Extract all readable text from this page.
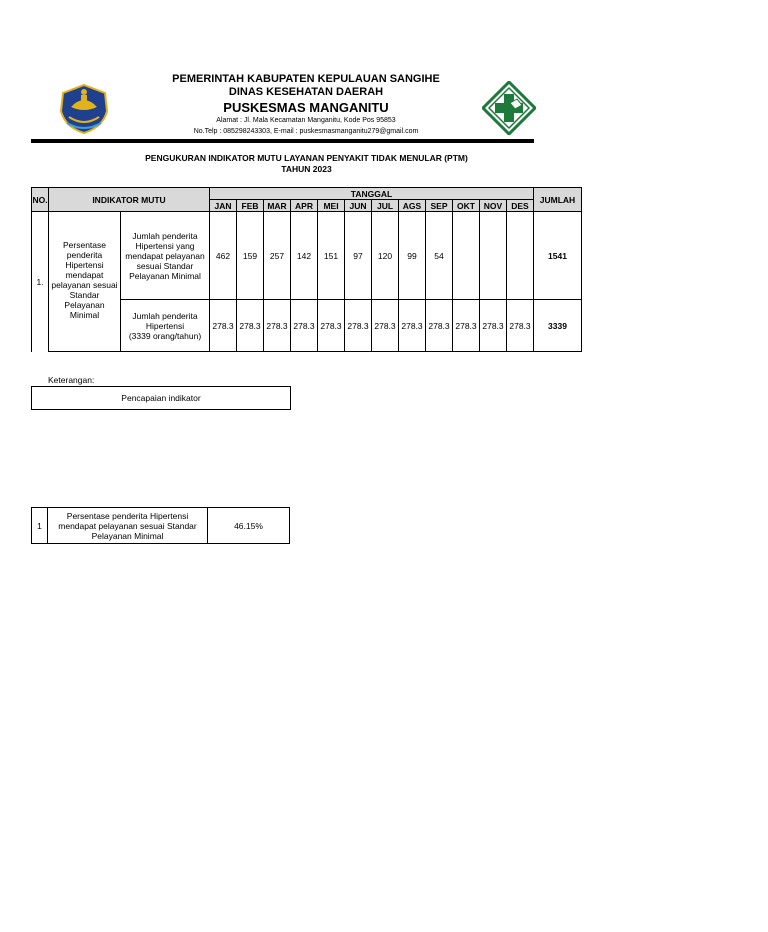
PEMERINTAH KABUPATEN KEPULAUAN SANGIHE
DINAS KESEHATAN DAERAH
PUSKESMAS MANGANITU
Alamat : Jl. Mala Kecamatan Manganitu, Kode Pos 95853
No.Telp : 085298243303, E-mail : puskesmasmanganitu279@gmail.com
PENGUKURAN INDIKATOR MUTU LAYANAN PENYAKIT TIDAK MENULAR (PTM)
TAHUN 2023
NO.	INDIKATOR MUTU		TANGGAL												JUMLAH
			JAN	FEB	MAR	APR	MEI	JUN	JUL	AGS	SEP	OKT	NOV	DES	
1.	Persentase penderita Hipertensi mendapat pelayanan sesuai Standar Pelayanan Minimal	Jumlah penderita Hipertensi yang mendapat pelayanan sesuai Standar Pelayanan Minimal	462	159	257	142	151	97	120	99	54				1541
		Jumlah penderita Hipertensi
(3339 orang/tahun)	278.3	278.3	278.3	278.3	278.3	278.3	278.3	278.3	278.3	278.3	278.3	278.3	3339
Keterangan:
Pencapaian indikator
1	Persentase penderita Hipertensi mendapat pelayanan sesuai Standar Pelayanan Minimal	46.15%
